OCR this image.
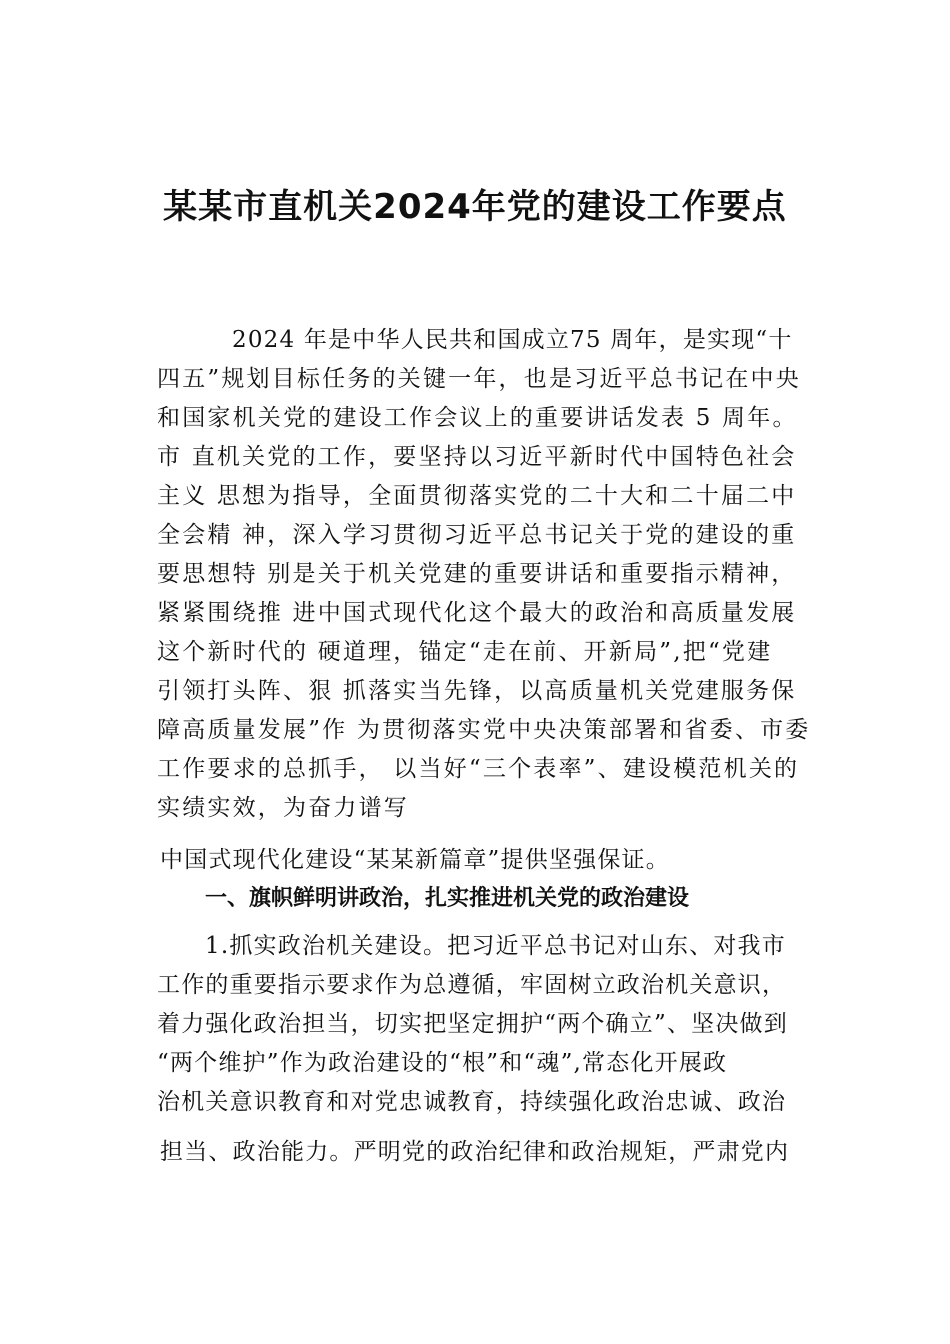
某某市直机关2024年党的建设工作要点

2024 年是中华人民共和国成立75 周年，是实现“十

四五”规划目标任务的关键一年，也是习近平总书记在中央

和国家机关党的建设工作会议上的重要讲话发表 5 周年。

市 直机关党的工作，要坚持以习近平新时代中国特色社会

主义 思想为指导，全面贯彻落实党的二十大和二十届二中

全会精 神，深入学习贯彻习近平总书记关于党的建设的重

要思想特 别是关于机关党建的重要讲话和重要指示精神，

紧紧围绕推 进中国式现代化这个最大的政治和高质量发展

这个新时代的 硬道理，锚定“走在前、开新局”,把“党建

引领打头阵、狠 抓落实当先锋，以高质量机关党建服务保

障高质量发展”作 为贯彻落实党中央决策部署和省委、市委

工作要求的总抓手， 以当好“三个表率”、建设模范机关的

实绩实效，为奋力谱写

中国式现代化建设“某某新篇章”提供坚强保证。

一、旗帜鲜明讲政治，扎实推进机关党的政治建设

1.抓实政治机关建设。把习近平总书记对山东、对我市

工作的重要指示要求作为总遵循，牢固树立政治机关意识，

着力强化政治担当，切实把坚定拥护“两个确立”、坚决做到

“两个维护”作为政治建设的“根”和“魂”,常态化开展政

治机关意识教育和对党忠诚教育，持续强化政治忠诚、政治

担当、政治能力。严明党的政治纪律和政治规矩，严肃党内
